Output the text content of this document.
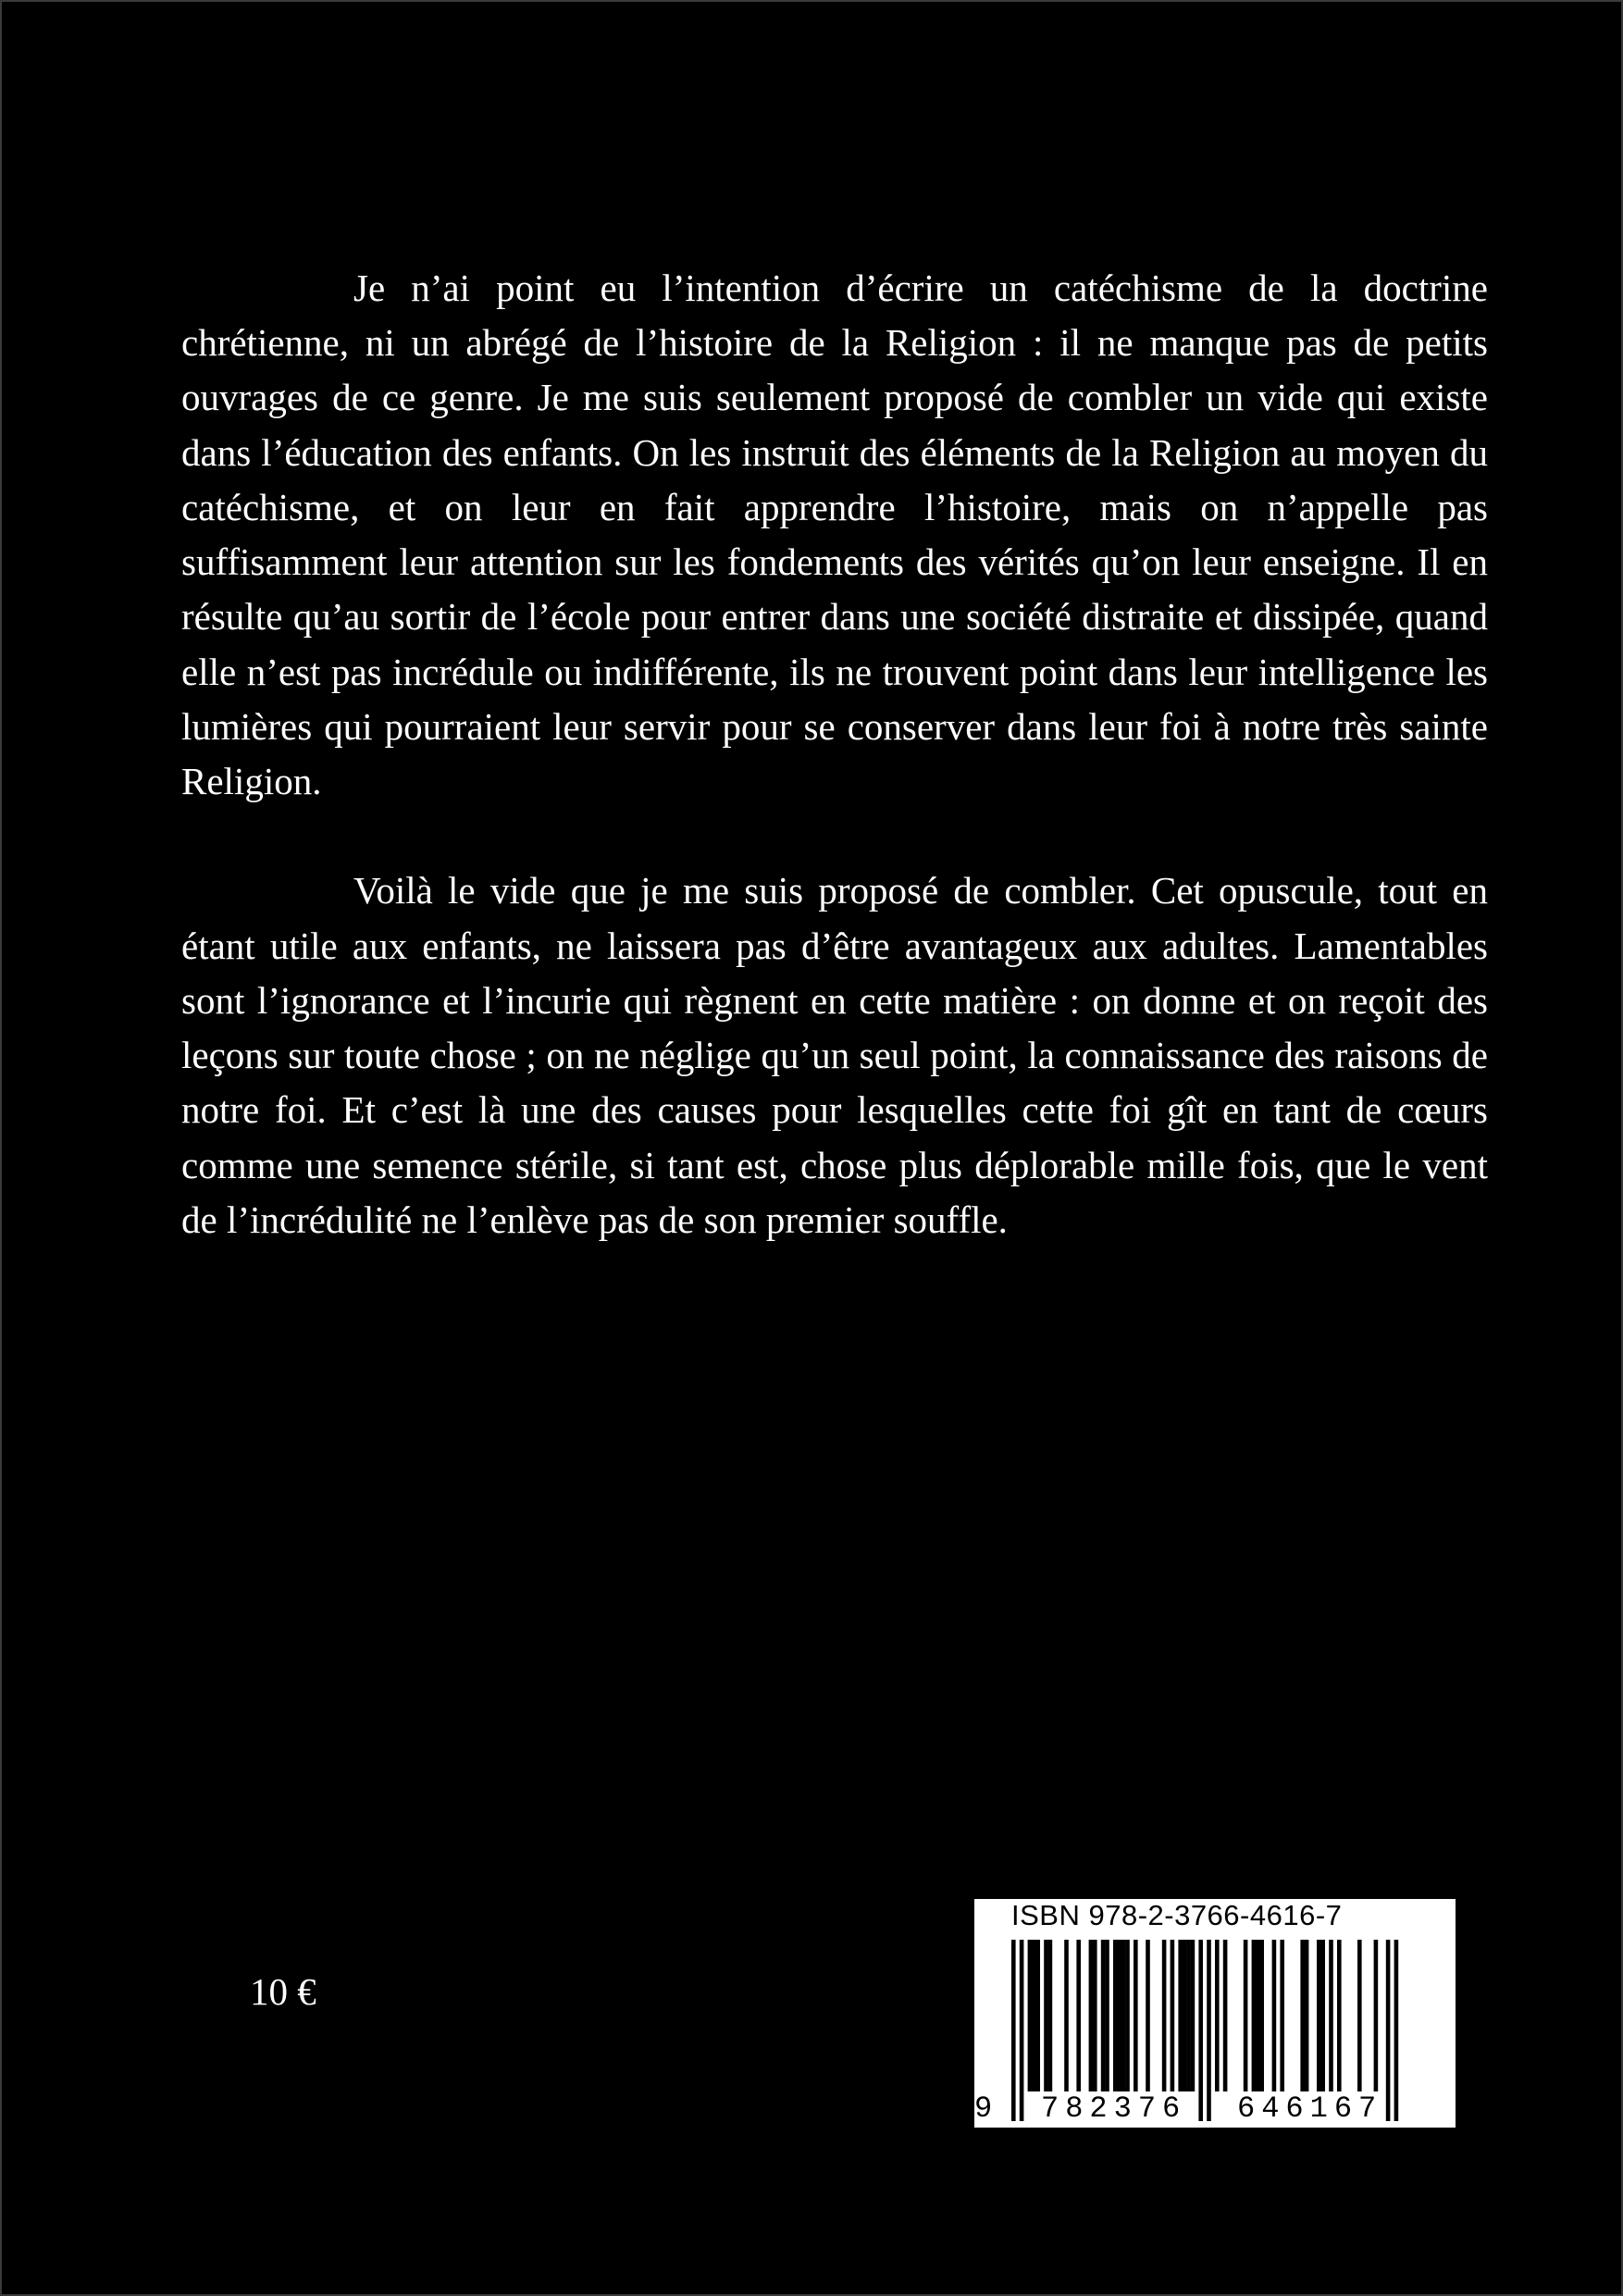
Je n’ai point eu l’intention d’écrire un catéchisme de la doctrine chrétienne, ni un abrégé de l’histoire de la Religion : il ne manque pas de petits ouvrages de ce genre. Je me suis seulement proposé de combler un vide qui existe dans l’éducation des enfants. On les instruit des éléments de la Religion au moyen du catéchisme, et on leur en fait apprendre l’histoire, mais on n’appelle pas suffisamment leur attention sur les fondements des vérités qu’on leur enseigne. Il en résulte qu’au sortir de l’école pour entrer dans une société distraite et dissipée, quand elle n’est pas incrédule ou indifférente, ils ne trouvent point dans leur intelligence les lumières qui pourraient leur servir pour se conserver dans leur foi à notre très sainte Religion.

Voilà le vide que je me suis proposé de combler. Cet opuscule, tout en étant utile aux enfants, ne laissera pas d’être avantageux aux adultes. Lamentables sont l’ignorance et l’incurie qui règnent en cette matière : on donne et on reçoit des leçons sur toute chose ; on ne néglige qu’un seul point, la connaissance des raisons de notre foi. Et c’est là une des causes pour lesquelles cette foi gît en tant de cœurs comme une semence stérile, si tant est, chose plus déplorable mille fois, que le vent de l’incrédulité ne l’enlève pas de son premier souffle.

10 €
ISBN 978-2-3766-4616-7
9 782376 646167
